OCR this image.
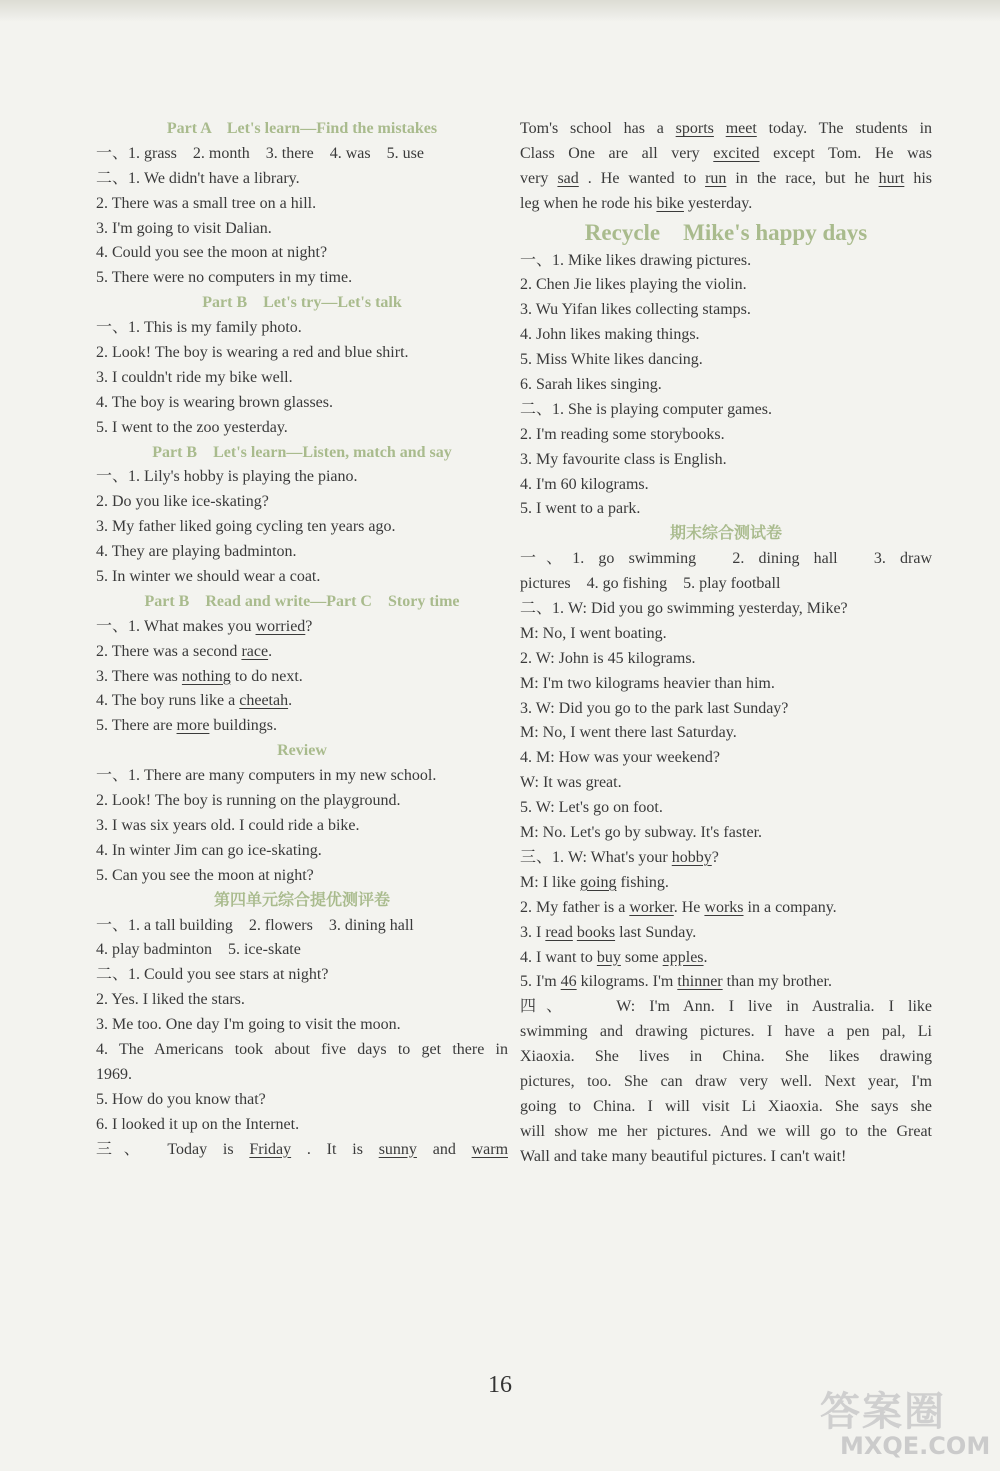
Part A　Let's learn—Find the mistakes
一、1. grass　2. month　3. there　4. was　5. use
二、1. We didn't have a library.
2. There was a small tree on a hill.
3. I'm going to visit Dalian.
4. Could you see the moon at night?
5. There were no computers in my time.
Part B　Let's try—Let's talk
一、1. This is my family photo.
2. Look! The boy is wearing a red and blue shirt.
3. I couldn't ride my bike well.
4. The boy is wearing brown glasses.
5. I went to the zoo yesterday.
Part B　Let's learn—Listen, match and say
一、1. Lily's hobby is playing the piano.
2. Do you like ice-skating?
3. My father liked going cycling ten years ago.
4. They are playing badminton.
5. In winter we should wear a coat.
Part B　Read and write—Part C　Story time
一、1. What makes you worried?
2. There was a second race.
3. There was nothing to do next.
4. The boy runs like a cheetah.
5. There are more buildings.
Review
一、1. There are many computers in my new school.
2. Look! The boy is running on the playground.
3. I was six years old. I could ride a bike.
4. In winter Jim can go ice-skating.
5. Can you see the moon at night?
第四单元综合提优测评卷
一、1. a tall building　2. flowers　3. dining hall
4. play badminton　5. ice-skate
二、1. Could you see stars at night?
2. Yes. I liked the stars.
3. Me too. One day I'm going to visit the moon.
4. The Americans took about five days to get there in
1969.
5. How do you know that?
6. I looked it up on the Internet.
三、 Today is Friday . It is sunny and warm
Tom's school has a sports meet today. The students in
Class One are all very excited except Tom. He was
very sad . He wanted to run in the race, but he hurt his
leg when he rode his bike yesterday.
Recycle　Mike's happy days
一、1. Mike likes drawing pictures.
2. Chen Jie likes playing the violin.
3. Wu Yifan likes collecting stamps.
4. John likes making things.
5. Miss White likes dancing.
6. Sarah likes singing.
二、1. She is playing computer games.
2. I'm reading some storybooks.
3. My favourite class is English.
4. I'm 60 kilograms.
5. I went to a park.
期末综合测试卷
一、1. go swimming　2. dining hall　3. draw
pictures　4. go fishing　5. play football
二、1. W: Did you go swimming yesterday, Mike?
M: No, I went boating.
2. W: John is 45 kilograms.
M: I'm two kilograms heavier than him.
3. W: Did you go to the park last Sunday?
M: No, I went there last Saturday.
4. M: How was your weekend?
W: It was great.
5. W: Let's go on foot.
M: No. Let's go by subway. It's faster.
三、1. W: What's your hobby?
M: I like going fishing.
2. My father is a worker. He works in a company.
3. I read books last Sunday.
4. I want to buy some apples.
5. I'm 46 kilograms. I'm thinner than my brother.
四、　　W: I'm Ann. I live in Australia. I like
swimming and drawing pictures. I have a pen pal, Li
Xiaoxia. She lives in China. She likes drawing
pictures, too. She can draw very well. Next year, I'm
going to China. I will visit Li Xiaoxia. She says she
will show me her pictures. And we will go to the Great
Wall and take many beautiful pictures. I can't wait!
16
答案圈
MXQE.COM
